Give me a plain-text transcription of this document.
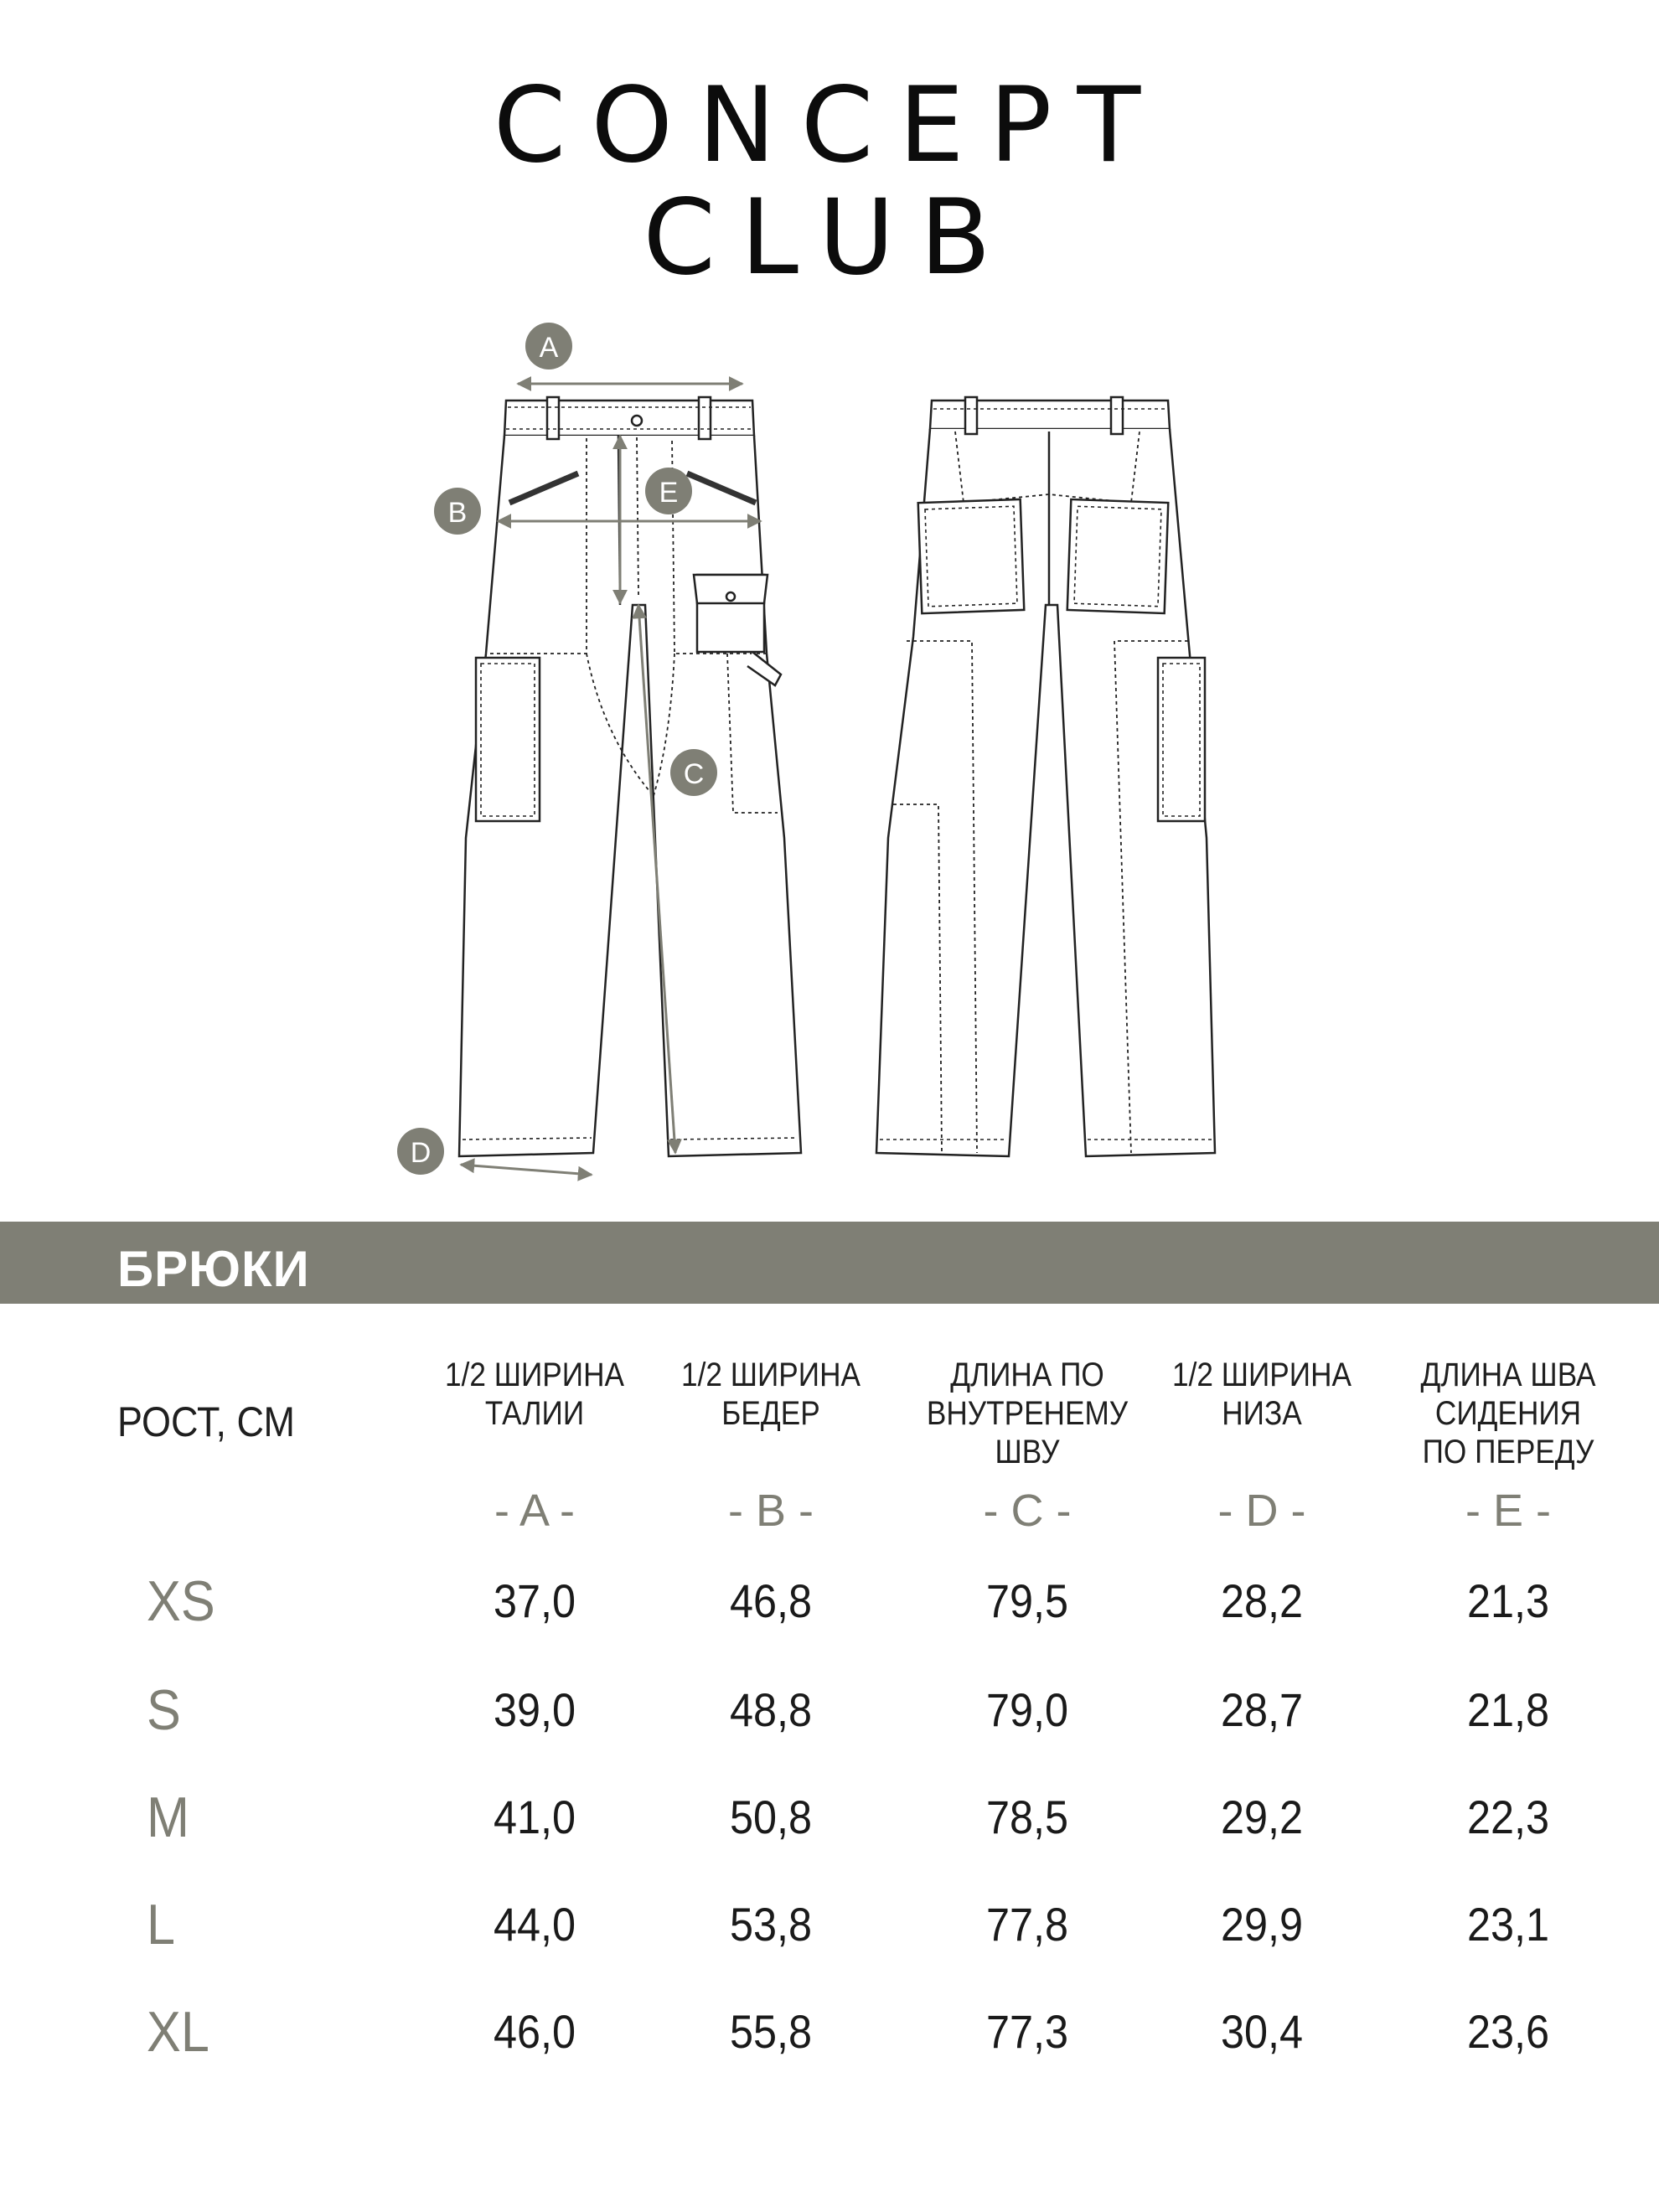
CONCEPT
CLUB
A
B
C
D
E
БРЮКИ
РОСТ, СМ
1/2 ШИРИНА
ТАЛИИ

- A -
1/2 ШИРИНА
БЕДЕР

- B -
ДЛИНА ПО
ВНУТРЕНЕМУ
ШВУ
- C -
1/2 ШИРИНА
НИЗА

- D -
ДЛИНА ШВА
СИДЕНИЯ
ПО ПЕРЕДУ
- E -
XS	37,0	46,8	79,5	28,2	21,3
S	39,0	48,8	79,0	28,7	21,8
M	41,0	50,8	78,5	29,2	22,3
L	44,0	53,8	77,8	29,9	23,1
XL	46,0	55,8	77,3	30,4	23,6
